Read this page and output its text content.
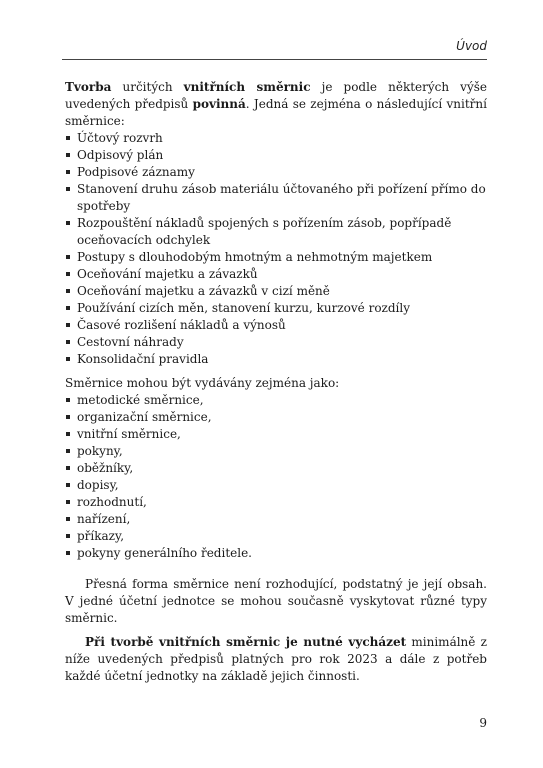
Úvod

Tvorba určitých vnitřních směrnic je podle některých výše uvedených předpisů povinná. Jedná se zejména o následující vnitřní směrnice:

Účtový rozvrh
Odpisový plán
Podpisové záznamy
Stanovení druhu zásob materiálu účtovaného při pořízení přímo do spotřeby
Rozpouštění nákladů spojených s pořízením zásob, popřípadě oceňovacích odchylek
Postupy s dlouhodobým hmotným a nehmotným majetkem
Oceňování majetku a závazků
Oceňování majetku a závazků v cizí měně
Používání cizích měn, stanovení kurzu, kurzové rozdíly
Časové rozlišení nákladů a výnosů
Cestovní náhrady
Konsolidační pravidla

Směrnice mohou být vydávány zejména jako:

metodické směrnice,
organizační směrnice,
vnitřní směrnice,
pokyny,
oběžníky,
dopisy,
rozhodnutí,
nařízení,
příkazy,
pokyny generálního ředitele.

Přesná forma směrnice není rozhodující, podstatný je její obsah. V jedné účetní jednotce se mohou současně vyskytovat různé typy směrnic.

Při tvorbě vnitřních směrnic je nutné vycházet minimálně z níže uvedených předpisů platných pro rok 2023 a dále z potřeb každé účetní jednotky na základě jejich činnosti.

9
